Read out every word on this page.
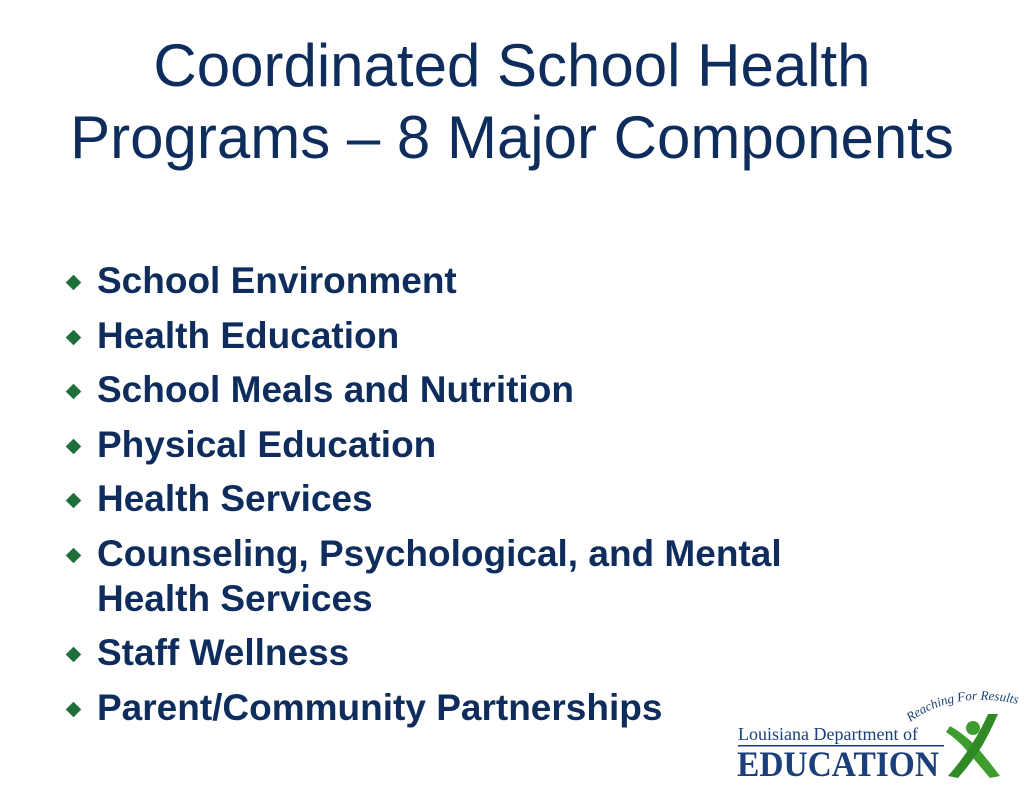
Coordinated School Health
Programs – 8 Major Components
School Environment
Health Education
School Meals and Nutrition
Physical Education
Health Services
Counseling, Psychological, and Mental Health Services
Staff Wellness
Parent/Community Partnerships	Reaching For Results
Louisiana Department of
EDUCATION
